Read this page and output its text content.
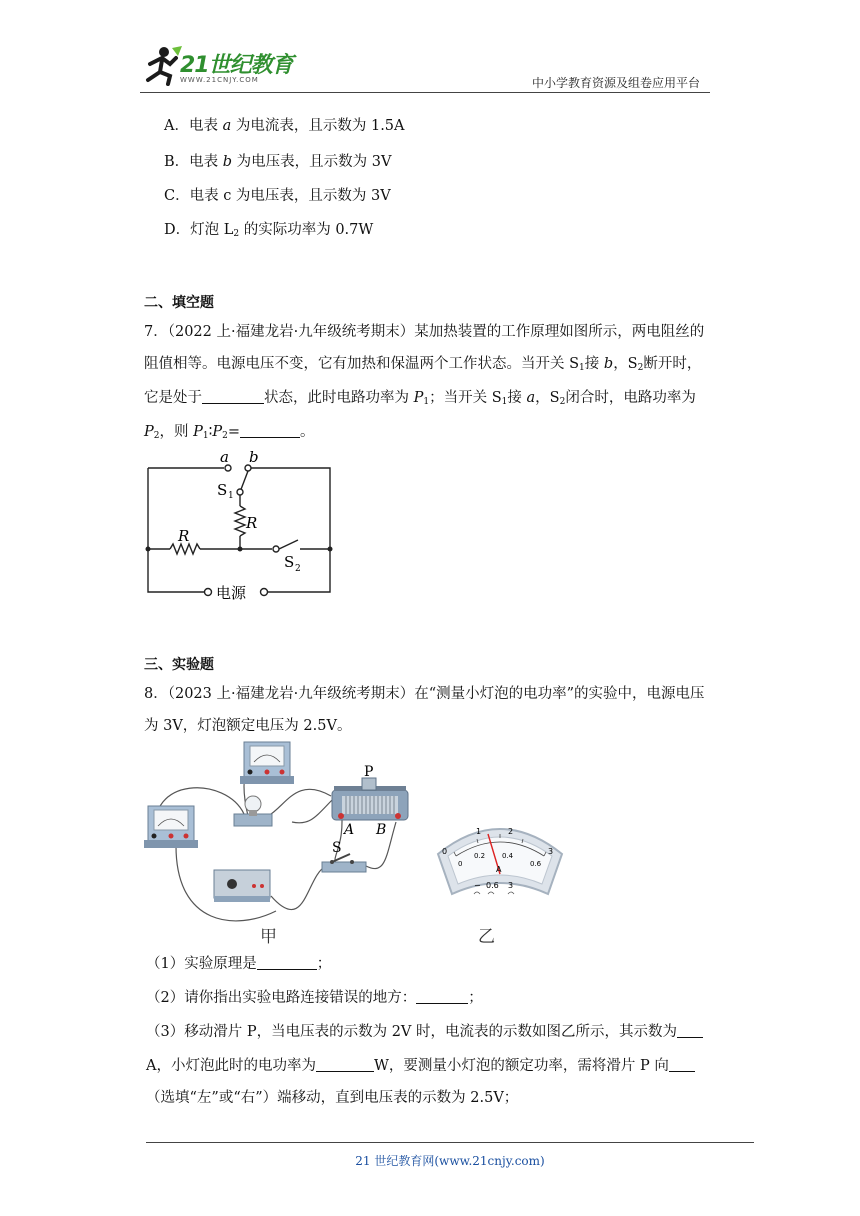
21世纪教育
WWW.21CNJY.COM	中小学教育资源及组卷应用平台
A．电表 a 为电流表，且示数为 1.5A
B．电表 b 为电压表，且示数为 3V
C．电表 c 为电压表，且示数为 3V
D．灯泡 $L_2$ 的实际功率为 0.7W
二、填空题
7．（2022 上·福建龙岩·九年级统考期末）某加热装置的工作原理如图所示，两电阻丝的
阻值相等。电源电压不变，它有加热和保温两个工作状态。当开关 $S_1$接 b，$S_2$断开时，
它是处于	状态，此时电路功率为 $P_1$；当开关 $S_1$接 a，$S_2$闭合时，电路功率为
$P_2$，则 $P_1∶P_2=$	。
a b
S 1
R
R
S 2
电源
三、实验题
8．（2023 上·福建龙岩·九年级统考期末）在“测量小灯泡的电功率”的实验中，电源电压
为 3V，灯泡额定电压为 2.5V。
P
A B
S
甲
0
1	2
3
0
0.2 0.4
0.6
A
− 0.6 3
乙
（1）实验原理是	；
（2）请你指出实验电路连接错误的地方：	；
（3）移动滑片 P，当电压表的示数为 2V 时，电流表的示数如图乙所示，其示数为
A，小灯泡此时的电功率为	W，要测量小灯泡的额定功率，需将滑片 P 向
（选填“左”或“右”）端移动，直到电压表的示数为 2.5V；
21 世纪教育网(www.21cnjy.com)
